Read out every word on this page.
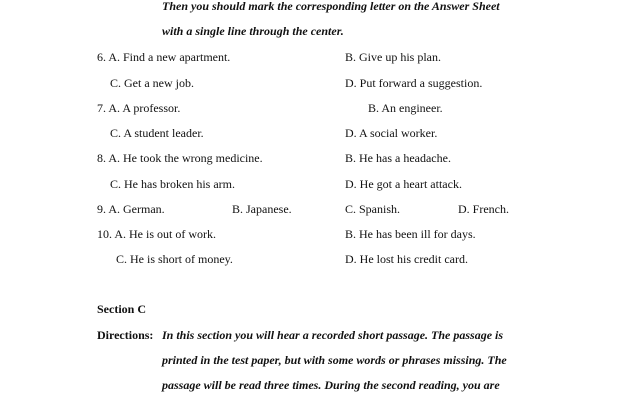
Then you should mark the corresponding letter on the Answer Sheet
with a single line through the center.
6. A. Find a new apartment.	B. Give up his plan.
C. Get a new job.	D. Put forward a suggestion.
7. A. A professor.	B. An engineer.
C. A student leader.	D. A social worker.
8. A. He took the wrong medicine.	B. He has a headache.
C. He has broken his arm.	D. He got a heart attack.
9. A. German.	B. Japanese.	C. Spanish.	D. French.
10. A. He is out of work.	B. He has been ill for days.
C. He is short of money.	D. He lost his credit card.
Section C
Directions: In this section you will hear a recorded short passage. The passage is
printed in the test paper, but with some words or phrases missing. The
passage will be read three times. During the second reading, you are
